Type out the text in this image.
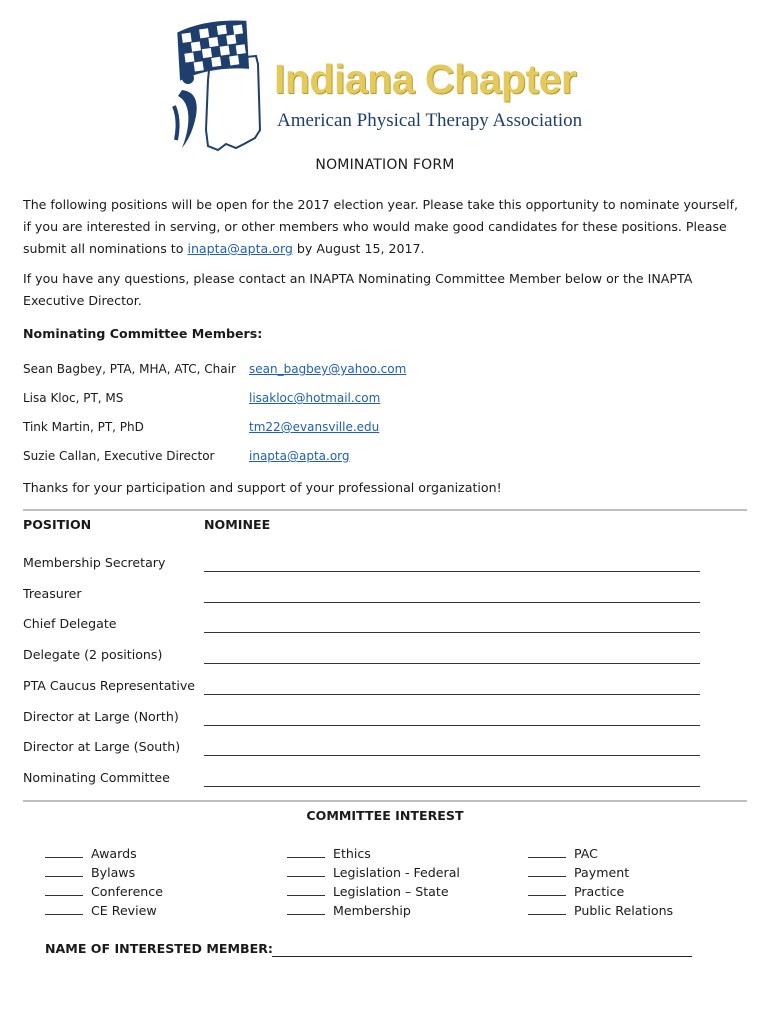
Indiana Chapter
American Physical Therapy Association
NOMINATION FORM
The following positions will be open for the 2017 election year. Please take this opportunity to nominate yourself, if you are interested in serving, or other members who would make good candidates for these positions. Please submit all nominations to inapta@apta.org by August 15, 2017.
If you have any questions, please contact an INAPTA Nominating Committee Member below or the INAPTA Executive Director.
Nominating Committee Members:
Sean Bagbey, PTA, MHA, ATC, Chair sean_bagbey@yahoo.com
Lisa Kloc, PT, MS	lisakloc@hotmail.com
Tink Martin, PT, PhD	tm22@evansville.edu
Suzie Callan, Executive Director	inapta@apta.org
Thanks for your participation and support of your professional organization!
POSITION	NOMINEE
Membership Secretary
Treasurer
Chief Delegate
Delegate (2 positions)
PTA Caucus Representative
Director at Large (North)
Director at Large (South)
Nominating Committee
COMMITTEE INTEREST
Awards
Bylaws
Conference
CE Review
Ethics
Legislation - Federal
Legislation – State
Membership
PAC
Payment
Practice
Public Relations
NAME OF INTERESTED MEMBER:
